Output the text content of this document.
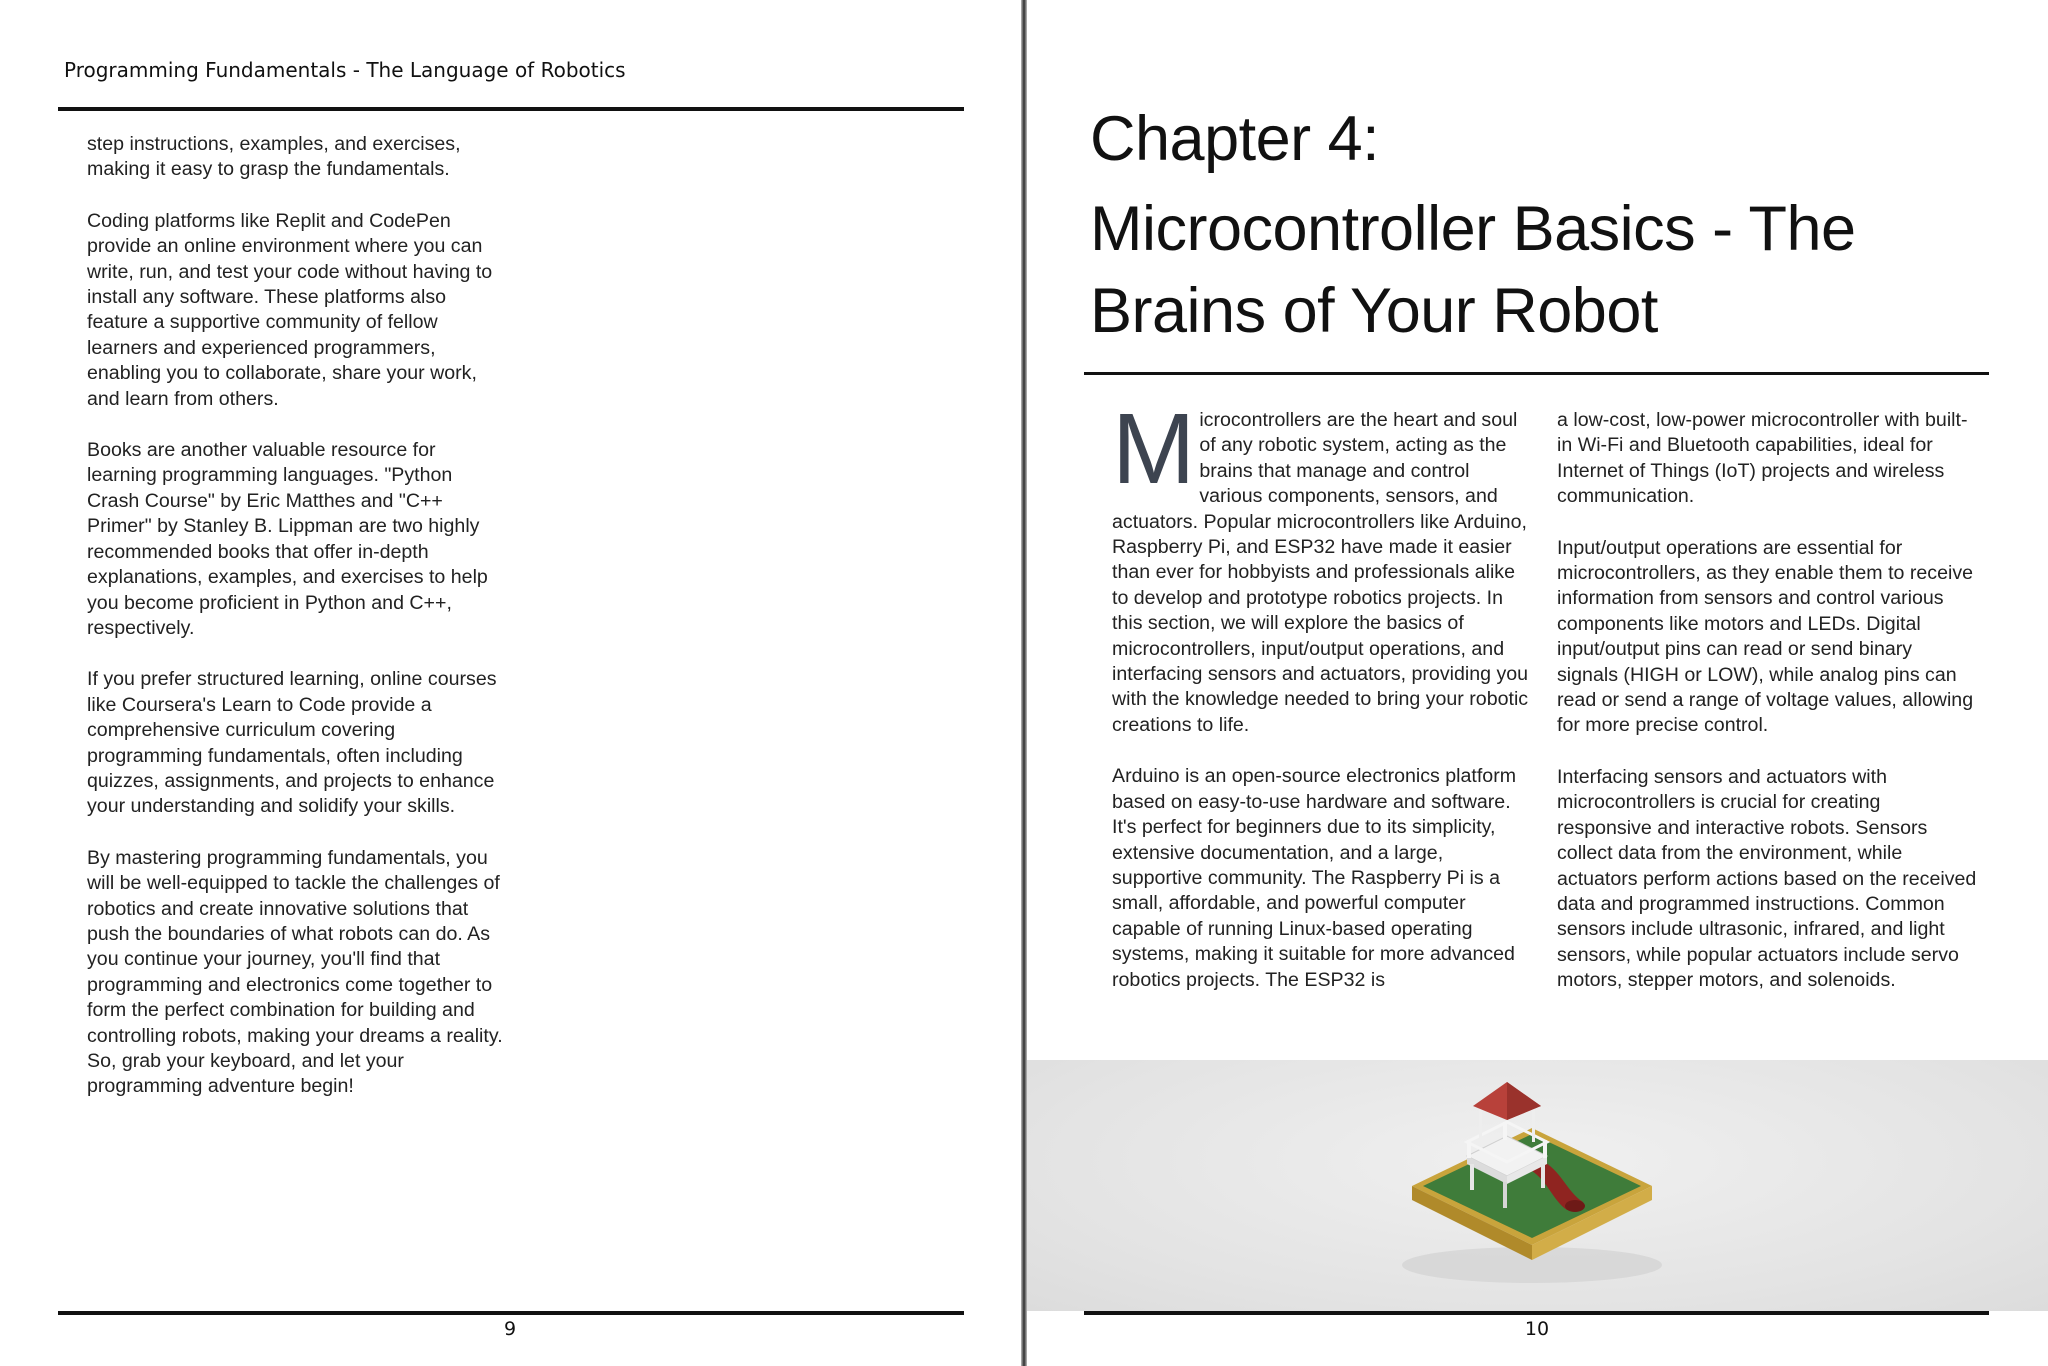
Programming Fundamentals - The Language of Robotics

step instructions, examples, and exercises, making it easy to grasp the fundamentals.

Coding platforms like Replit and CodePen provide an online environment where you can write, run, and test your code without having to install any software. These platforms also feature a supportive community of fellow learners and experienced programmers, enabling you to collaborate, share your work, and learn from others.

Books are another valuable resource for learning programming languages. "Python Crash Course" by Eric Matthes and "C++ Primer" by Stanley B. Lippman are two highly recommended books that offer in-depth explanations, examples, and exercises to help you become proficient in Python and C++, respectively.

If you prefer structured learning, online courses like Coursera's Learn to Code provide a comprehensive curriculum covering programming fundamentals, often including quizzes, assignments, and projects to enhance your understanding and solidify your skills.

By mastering programming fundamentals, you will be well-equipped to tackle the challenges of robotics and create innovative solutions that push the boundaries of what robots can do. As you continue your journey, you'll find that programming and electronics come together to form the perfect combination for building and controlling robots, making your dreams a reality. So, grab your keyboard, and let your programming adventure begin!

9
Chapter 4:
Microcontroller Basics - The Brains of Your Robot

Microcontrollers are the heart and soul of any robotic system, acting as the brains that manage and control various components, sensors, and actuators. Popular microcontrollers like Arduino, Raspberry Pi, and ESP32 have made it easier than ever for hobbyists and professionals alike to develop and prototype robotics projects. In this section, we will explore the basics of microcontrollers, input/output operations, and interfacing sensors and actuators, providing you with the knowledge needed to bring your robotic creations to life.

Arduino is an open-source electronics platform based on easy-to-use hardware and software. It's perfect for beginners due to its simplicity, extensive documentation, and a large, supportive community. The Raspberry Pi is a small, affordable, and powerful computer capable of running Linux-based operating systems, making it suitable for more advanced robotics projects. The ESP32 is

a low-cost, low-power microcontroller with built-in Wi-Fi and Bluetooth capabilities, ideal for Internet of Things (IoT) projects and wireless communication.

Input/output operations are essential for microcontrollers, as they enable them to receive information from sensors and control various components like motors and LEDs. Digital input/output pins can read or send binary signals (HIGH or LOW), while analog pins can read or send a range of voltage values, allowing for more precise control.

Interfacing sensors and actuators with microcontrollers is crucial for creating responsive and interactive robots. Sensors collect data from the environment, while actuators perform actions based on the received data and programmed instructions. Common sensors include ultrasonic, infrared, and light sensors, while popular actuators include servo motors, stepper motors, and solenoids.

10
